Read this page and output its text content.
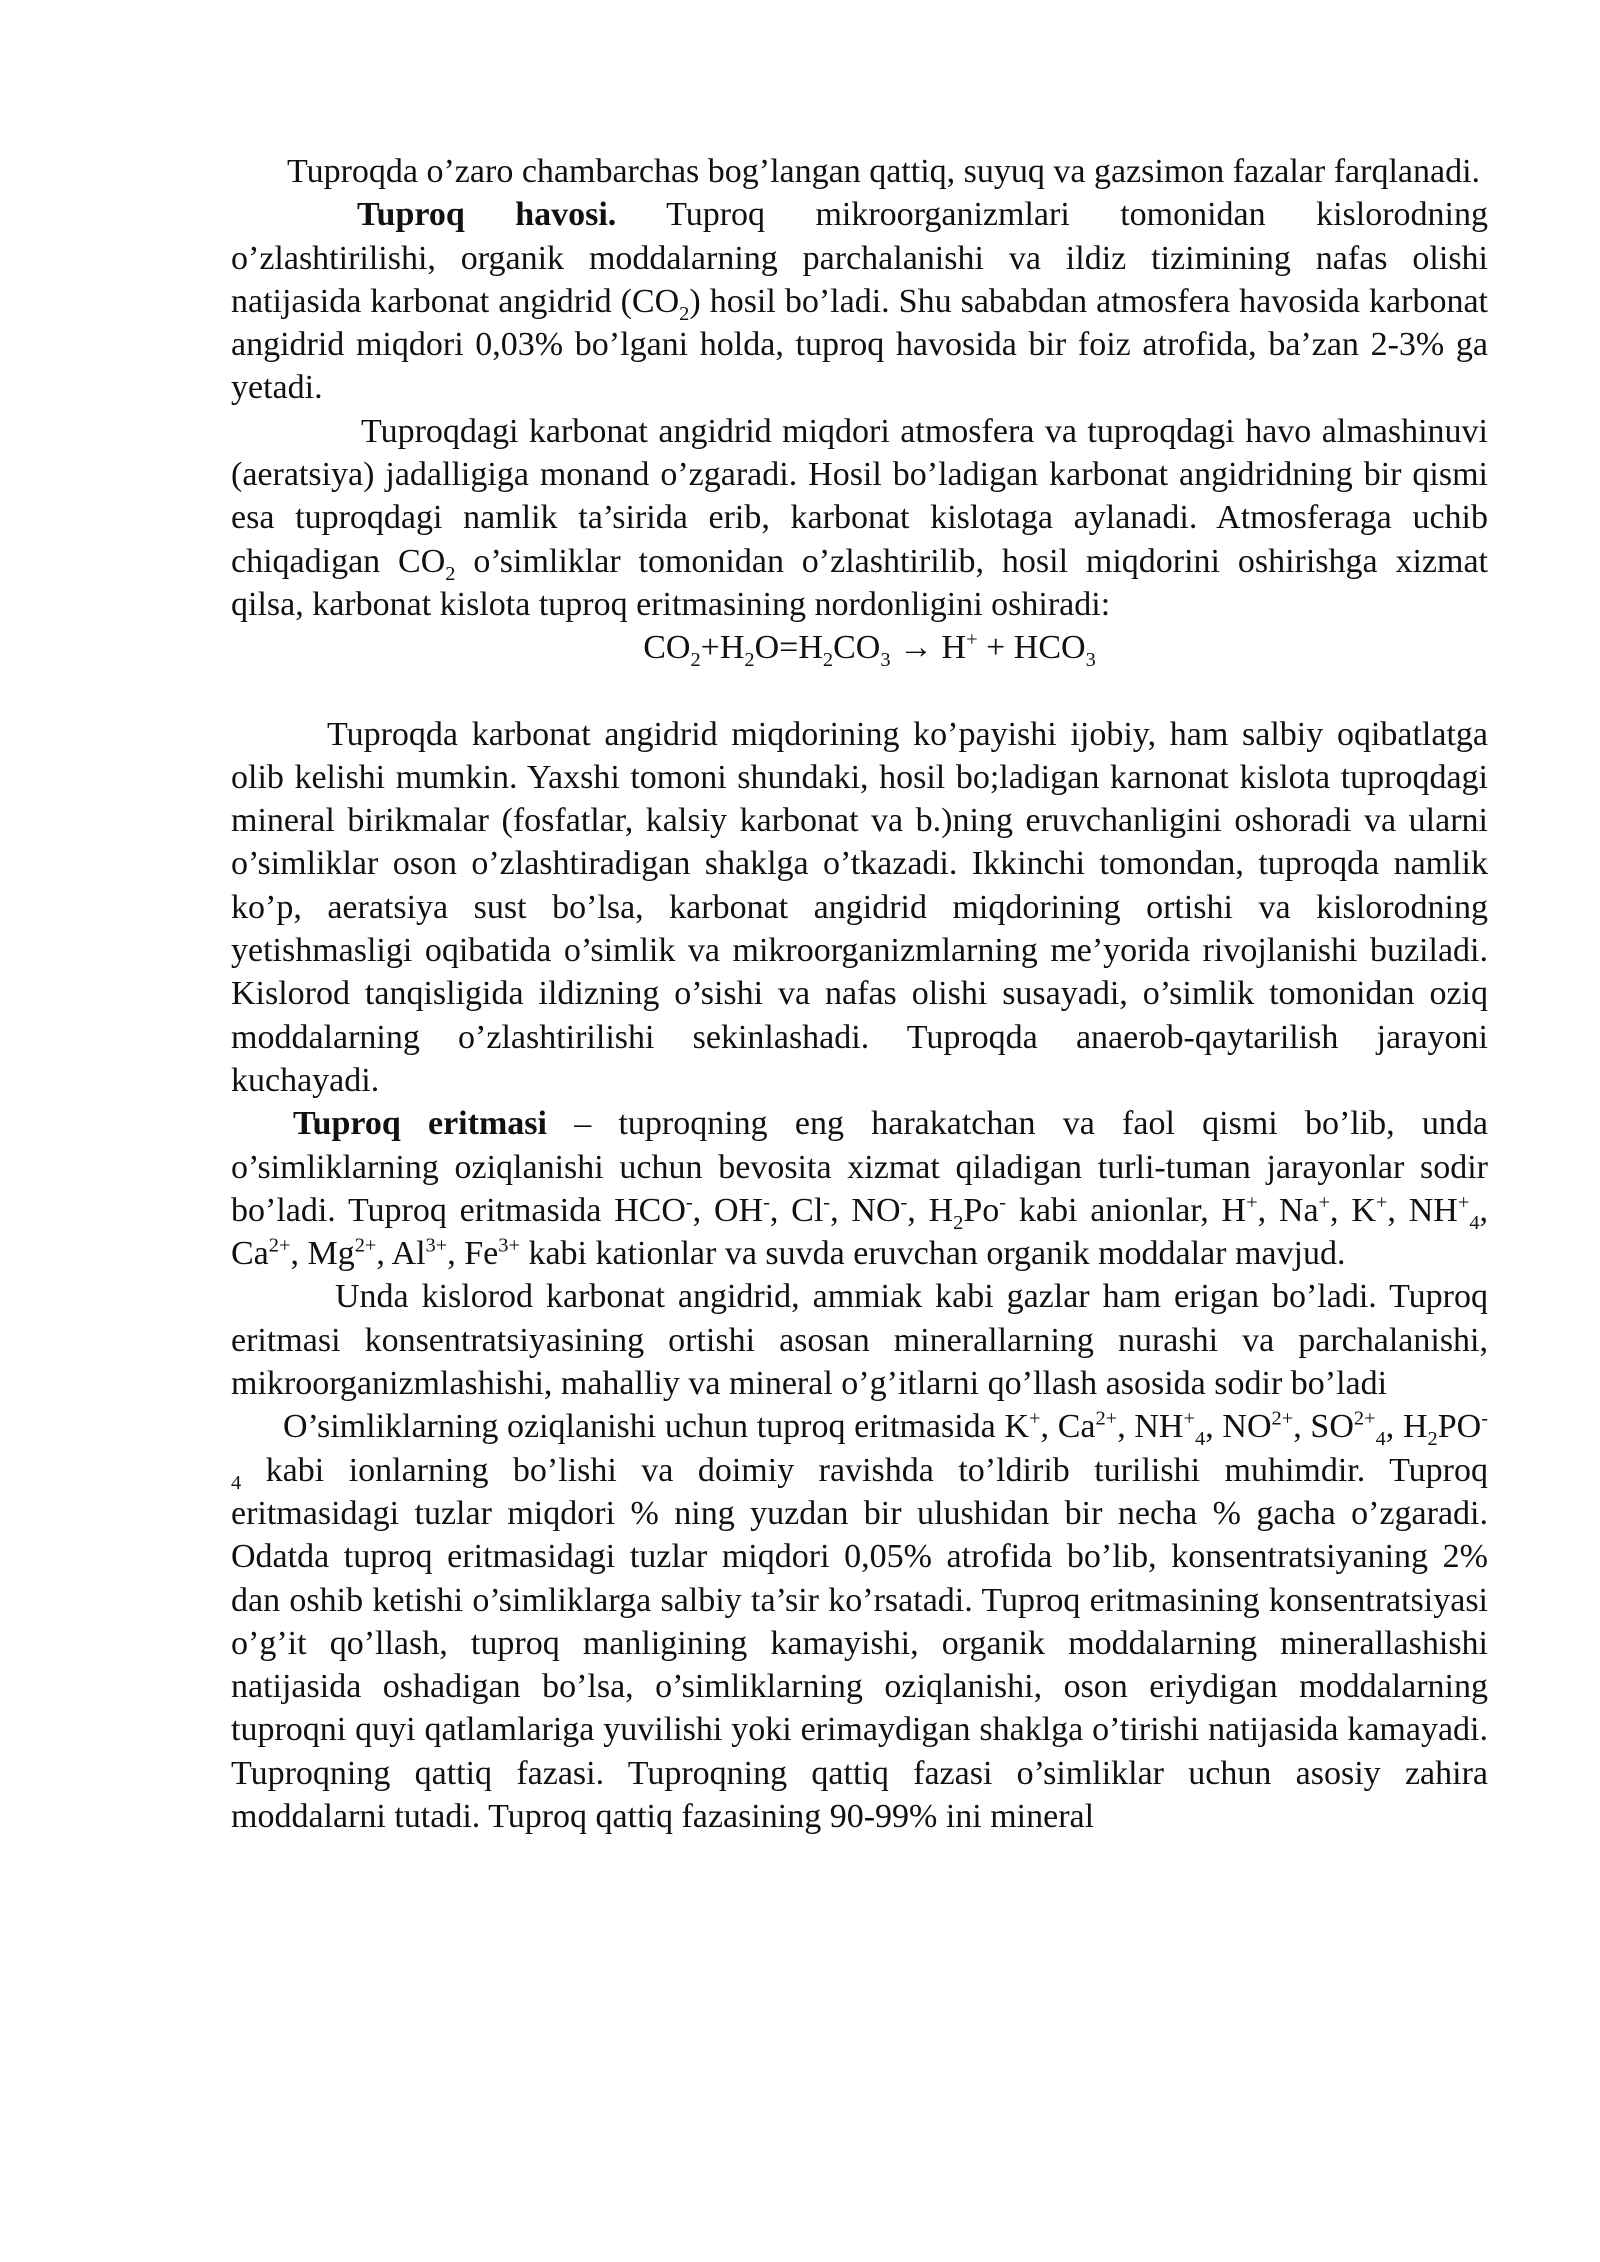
Tuproqda o’zaro chambarchas bog’langan qattiq, suyuq va gazsimon fazalar farqlanadi.

Tuproq havosi. Tuproq mikroorganizmlari tomonidan kislorodning o’zlashtirilishi, organik moddalarning parchalanishi va ildiz tizimining nafas olishi natijasida karbonat angidrid $(CO_2)$ hosil bo’ladi. Shu sababdan atmosfera havosida karbonat angidrid miqdori 0,03% bo’lgani holda, tuproq havosida bir foiz atrofida, ba’zan 2-3% ga yetadi.

Tuproqdagi karbonat angidrid miqdori atmosfera va tuproqdagi havo almashinuvi (aeratsiya) jadalligiga monand o’zgaradi. Hosil bo’ladigan karbonat angidridning bir qismi esa tuproqdagi namlik ta’sirida erib, karbonat kislotaga aylanadi. Atmosferaga uchib chiqadigan $CO_2$ o’simliklar tomonidan o’zlashtirilib, hosil miqdorini oshirishga xizmat qilsa, karbonat kislota tuproq eritmasining nordonligini oshiradi:

$CO_2+H_2O=H_2CO_3 \to H^+ + HCO_3$

Tuproqda karbonat angidrid miqdorining ko’payishi ijobiy, ham salbiy oqibatlatga olib kelishi mumkin. Yaxshi tomoni shundaki, hosil bo;ladigan karnonat kislota tuproqdagi mineral birikmalar (fosfatlar, kalsiy karbonat va b.)ning eruvchanligini oshoradi va ularni o’simliklar oson o’zlashtiradigan shaklga o’tkazadi. Ikkinchi tomondan, tuproqda namlik ko’p, aeratsiya sust bo’lsa, karbonat angidrid miqdorining ortishi va kislorodning yetishmasligi oqibatida o’simlik va mikroorganizmlarning me’yorida rivojlanishi buziladi. Kislorod tanqisligida ildizning o’sishi va nafas olishi susayadi, o’simlik tomonidan oziq moddalarning o’zlashtirilishi sekinlashadi. Tuproqda anaerob-qaytarilish jarayoni kuchayadi.

Tuproq eritmasi – tuproqning eng harakatchan va faol qismi bo’lib, unda o’simliklarning oziqlanishi uchun bevosita xizmat qiladigan turli-tuman jarayonlar sodir bo’ladi. Tuproq eritmasida HCO-, OH-, Cl-, NO-, $H_2Po^-$ kabi anionlar, H+, Na+, K+, $NH^+_4$, $Ca^{2+}$, $Mg^{2+}$, $Al^{3+}$, $Fe^{3+}$ kabi kationlar va suvda eruvchan organik moddalar mavjud.

Unda kislorod karbonat angidrid, ammiak kabi gazlar ham erigan bo’ladi. Tuproq eritmasi konsentratsiyasining ortishi asosan minerallarning nurashi va parchalanishi, mikroorganizmlashishi, mahalliy va mineral o’g’itlarni qo’llash asosida sodir bo’ladi

O’simliklarning oziqlanishi uchun tuproq eritmasida K+, $Ca^{2+}$, $NH^+_4$, $NO^{2+}$, $SO^{2+}_4$, $H_2PO^-_4$ kabi ionlarning bo’lishi va doimiy ravishda to’ldirib turilishi muhimdir. Tuproq eritmasidagi tuzlar miqdori % ning yuzdan bir ulushidan bir necha % gacha o’zgaradi. Odatda tuproq eritmasidagi tuzlar miqdori 0,05% atrofida bo’lib, konsentratsiyaning 2% dan oshib ketishi o’simliklarga salbiy ta’sir ko’rsatadi. Tuproq eritmasining konsentratsiyasi o’g’it qo’llash, tuproq manligining kamayishi, organik moddalarning minerallashishi natijasida oshadigan bo’lsa, o’simliklarning oziqlanishi, oson eriydigan moddalarning tuproqni quyi qatlamlariga yuvilishi yoki erimaydigan shaklga o’tirishi natijasida kamayadi. Tuproqning qattiq fazasi. Tuproqning qattiq fazasi o’simliklar uchun asosiy zahira moddalarni tutadi. Tuproq qattiq fazasining 90-99% ini mineral
